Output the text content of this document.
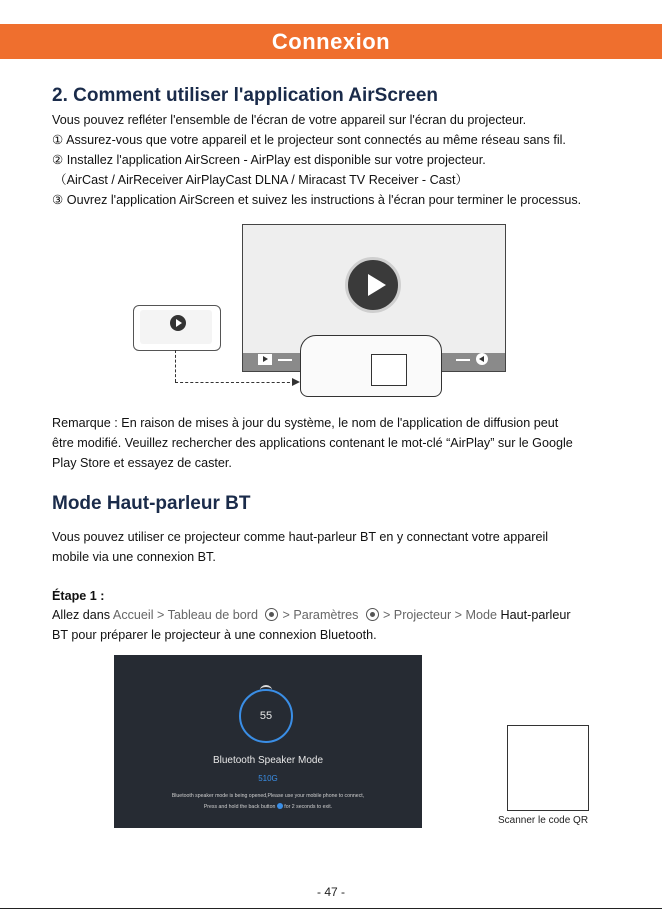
Connexion
2. Comment utiliser l'application AirScreen
Vous pouvez refléter l'ensemble de l'écran de votre appareil sur l'écran du projecteur.
① Assurez-vous que votre appareil et le projecteur sont connectés au même réseau sans fil.
② Installez l'application AirScreen - AirPlay est disponible sur votre projecteur.
（AirCast / AirReceiver AirPlayCast DLNA / Miracast TV Receiver - Cast）
③ Ouvrez l'application AirScreen et suivez les instructions à l'écran pour terminer le processus.
Remarque : En raison de mises à jour du système, le nom de l'application de diffusion peut
être modifié. Veuillez rechercher des applications contenant le mot-clé “AirPlay” sur le Google
Play Store et essayez de caster.
Mode Haut-parleur BT
Vous pouvez utiliser ce projecteur comme haut-parleur BT en y connectant votre appareil
mobile via une connexion BT.
Étape 1 :
Allez dans Accueil > Tableau de bord > Paramètres > Projecteur > Mode Haut-parleur
BT pour préparer le projecteur à une connexion Bluetooth.
55
Bluetooth Speaker Mode
510G
Bluetooth speaker mode is being opened,Please use your mobile phone to connect,
Press and hold the back button for 2 seconds to exit.
Scanner le code QR
- 47 -
